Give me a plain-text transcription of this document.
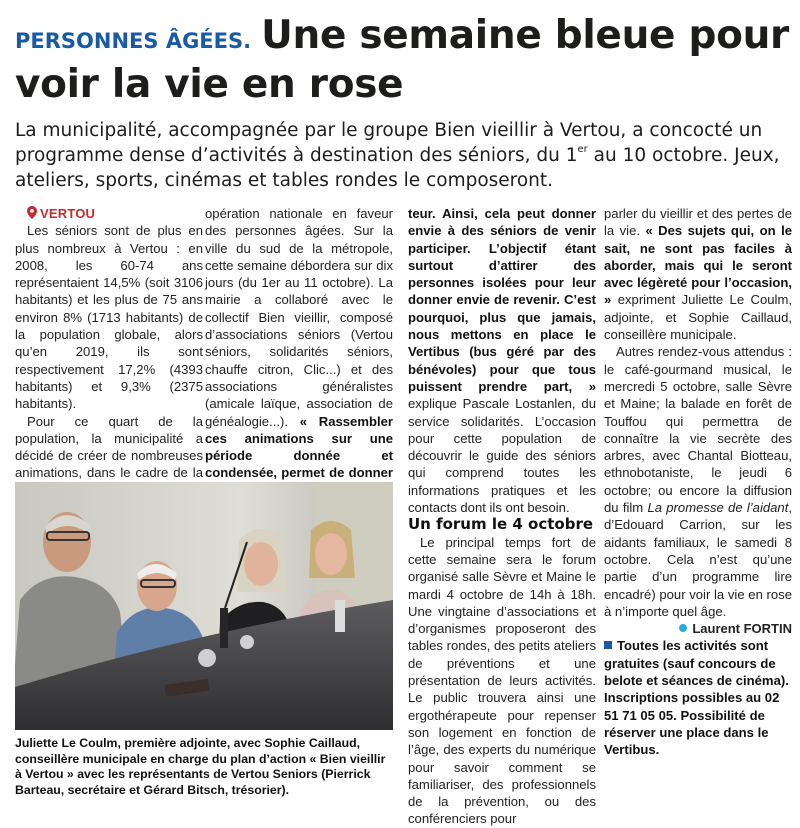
PERSONNES ÂGÉES. Une semaine bleue pour voir la vie en rose
La municipalité, accompagnée par le groupe Bien vieillir à Vertou, a concocté un programme dense d’activités à destination des séniors, du 1er au 10 octobre. Jeux, ateliers, sports, cinémas et tables rondes le composeront.

VERTOU

Les séniors sont de plus en plus nombreux à Vertou : en 2008, les 60-74 ans représentaient 14,5% (soit 3106 habitants) et les plus de 75 ans environ 8% (1713 habitants) de la population globale, alors qu’en 2019, ils sont respectivement 17,2% (4393 habitants) et 9,3% (2375 habitants).

Pour ce quart de la population, la municipalité a décidé de créer de nombreuses animations, dans le cadre de la

opération nationale en faveur des personnes âgées. Sur la ville du sud de la métropole, cette semaine débordera sur dix jours (du 1er au 11 octobre). La mairie a collaboré avec le collectif Bien vieillir, composé d’associations séniors (Vertou séniors, solidarités séniors, chauffe citron, Clic...) et des associations généralistes (amicale laïque, association de généalogie...). « Rassembler ces animations sur une période donnée et condensée, permet de donner

teur. Ainsi, cela peut donner envie à des séniors de venir participer. L’objectif étant surtout d’attirer des personnes isolées pour leur donner envie de revenir. C’est pourquoi, plus que jamais, nous mettons en place le Vertibus (bus géré par des bénévoles) pour que tous puissent prendre part, » explique Pascale Lostanlen, du service solidarités. L’occasion pour cette population de découvrir le guide des séniors qui comprend toutes les informations pratiques et les contacts dont ils ont besoin.

Un forum le 4 octobre

Le principal temps fort de cette semaine sera le forum organisé salle Sèvre et Maine le mardi 4 octobre de 14h à 18h. Une vingtaine d’associations et d’organismes proposeront des tables rondes, des petits ateliers de préventions et une présentation de leurs activités. Le public trouvera ainsi une ergothérapeute pour repenser son logement en fonction de l’âge, des experts du numérique pour savoir comment se familiariser, des professionnels de la prévention, ou des conférenciers pour

parler du vieillir et des pertes de la vie. « Des sujets qui, on le sait, ne sont pas faciles à aborder, mais qui le seront avec légèreté pour l’occasion, » expriment Juliette Le Coulm, adjointe, et Sophie Caillaud, conseillère municipale.

Autres rendez-vous attendus : le café-gourmand musical, le mercredi 5 octobre, salle Sèvre et Maine; la balade en forêt de Touffou qui permettra de connaître la vie secrète des arbres, avec Chantal Biotteau, ethnobotaniste, le jeudi 6 octobre; ou encore la diffusion du film La promesse de l’aidant, d’Edouard Carrion, sur les aidants familiaux, le samedi 8 octobre. Cela n’est qu’une partie d’un programme lire encadré) pour voir la vie en rose à n’importe quel âge.

Laurent FORTIN

Toutes les activités sont gratuites (sauf concours de belote et séances de cinéma). Inscriptions possibles au 02 51 71 05 05. Possibilité de réserver une place dans le Vertibus.

Juliette Le Coulm, première adjointe, avec Sophie Caillaud, conseillère municipale en charge du plan d’action « Bien vieillir à Vertou » avec les représentants de Vertou Seniors (Pierrick Barteau, secrétaire et Gérard Bitsch, trésorier).
